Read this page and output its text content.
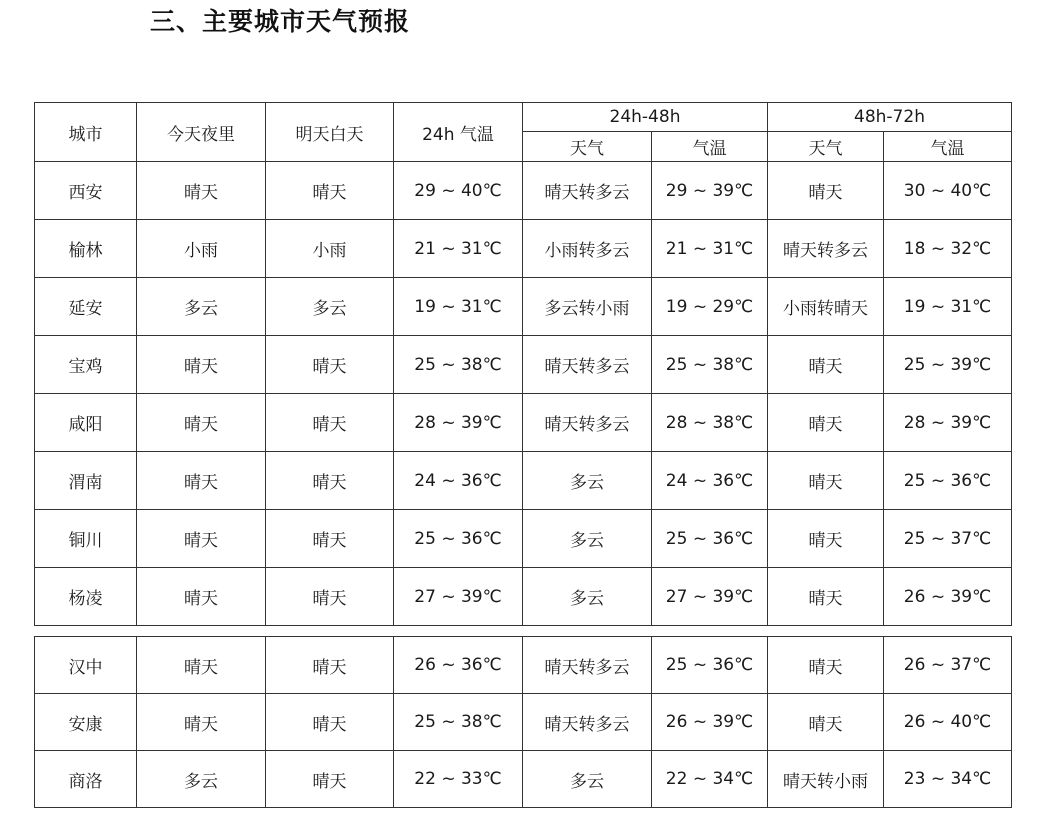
三、主要城市天气预报
城市	今天夜里	明天白天	24h 气温	24h-48h		48h-72h	
				天气	气温	天气	气温
西安	晴天	晴天	29 ~ 40℃	晴天转多云	29 ~ 39℃	晴天	30 ~ 40℃
榆林	小雨	小雨	21 ~ 31℃	小雨转多云	21 ~ 31℃	晴天转多云	18 ~ 32℃
延安	多云	多云	19 ~ 31℃	多云转小雨	19 ~ 29℃	小雨转晴天	19 ~ 31℃
宝鸡	晴天	晴天	25 ~ 38℃	晴天转多云	25 ~ 38℃	晴天	25 ~ 39℃
咸阳	晴天	晴天	28 ~ 39℃	晴天转多云	28 ~ 38℃	晴天	28 ~ 39℃
渭南	晴天	晴天	24 ~ 36℃	多云	24 ~ 36℃	晴天	25 ~ 36℃
铜川	晴天	晴天	25 ~ 36℃	多云	25 ~ 36℃	晴天	25 ~ 37℃
杨凌	晴天	晴天	27 ~ 39℃	多云	27 ~ 39℃	晴天	26 ~ 39℃
汉中	晴天	晴天	26 ~ 36℃	晴天转多云	25 ~ 36℃	晴天	26 ~ 37℃
安康	晴天	晴天	25 ~ 38℃	晴天转多云	26 ~ 39℃	晴天	26 ~ 40℃
商洛	多云	晴天	22 ~ 33℃	多云	22 ~ 34℃	晴天转小雨	23 ~ 34℃
